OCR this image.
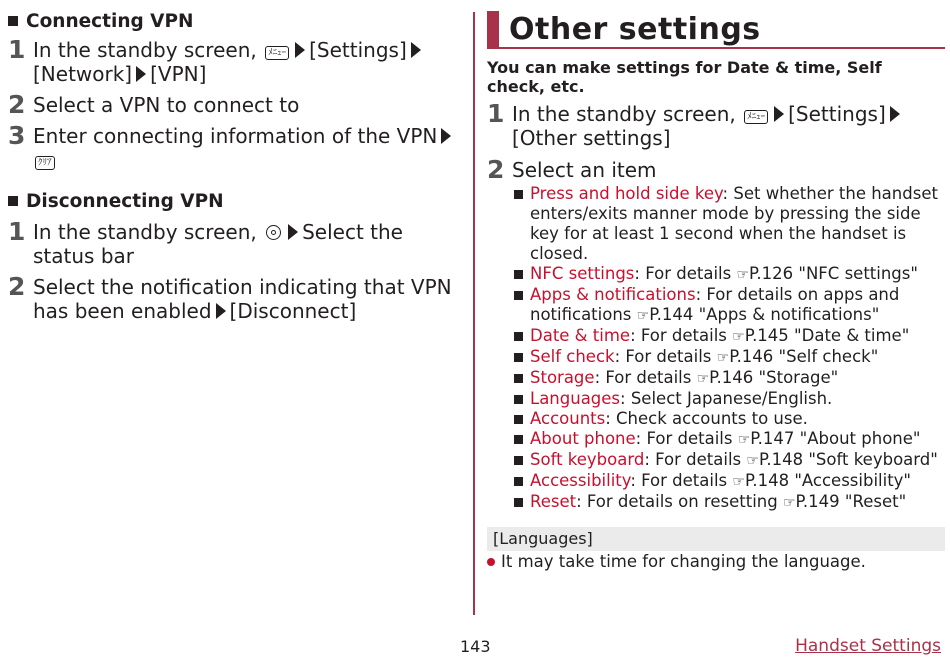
Connecting VPN
1 In the standby screen, ﾒﾆｭｰ [Settings]
[Network] [VPN]
2 Select a VPN to connect to
3 Enter connecting information of the VPN
ｸﾘｱ
Disconnecting VPN
1 In the standby screen, Select the status bar
2 Select the notification indicating that VPN has been enabled [Disconnect]
Other settings
You can make settings for Date & time, Self check, etc.
1 In the standby screen, ﾒﾆｭｰ [Settings]
[Other settings]
2 Select an item
Press and hold side key: Set whether the handset enters/exits manner mode by pressing the side key for at least 1 second when the handset is closed.
NFC settings: For details ☞P.126 "NFC settings"
Apps & notifications: For details on apps and notifications ☞P.144 "Apps & notifications"
Date & time: For details ☞P.145 "Date & time"
Self check: For details ☞P.146 "Self check"
Storage: For details ☞P.146 "Storage"
Languages: Select Japanese/English.
Accounts: Check accounts to use.
About phone: For details ☞P.147 "About phone"
Soft keyboard: For details ☞P.148 "Soft keyboard"
Accessibility: For details ☞P.148 "Accessibility"
Reset: For details on resetting ☞P.149 "Reset"
[Languages]
It may take time for changing the language.
143	Handset Settings
